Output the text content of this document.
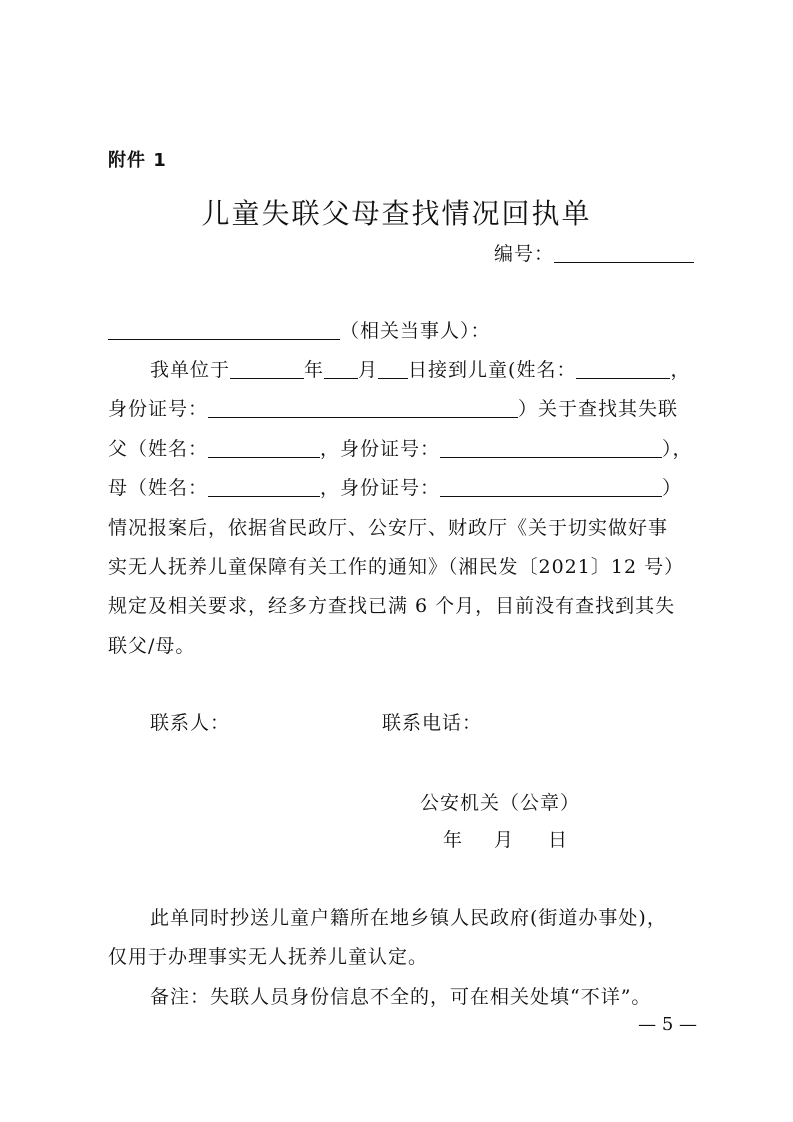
附件 1
儿童失联父母查找情况回执单
编号：
（相关当事人）：
我单位于	年 月 日接到儿童(姓名：	，
身份证号：	）关于查找其失联
父（姓名：	，身份证号：	），
母（姓名：	，身份证号：	）
情况报案后，依据省民政厅、公安厅、财政厅《关于切实做好事
实无人抚养儿童保障有关工作的通知》（湘民发〔2021〕12 号）
规定及相关要求，经多方查找已满 6 个月，目前没有查找到其失
联父/母。
联系人：	联系电话：
公安机关（公章）
年 月 日
此单同时抄送儿童户籍所在地乡镇人民政府(街道办事处)，
仅用于办理事实无人抚养儿童认定。
备注：失联人员身份信息不全的，可在相关处填“不详”。
— 5 —
